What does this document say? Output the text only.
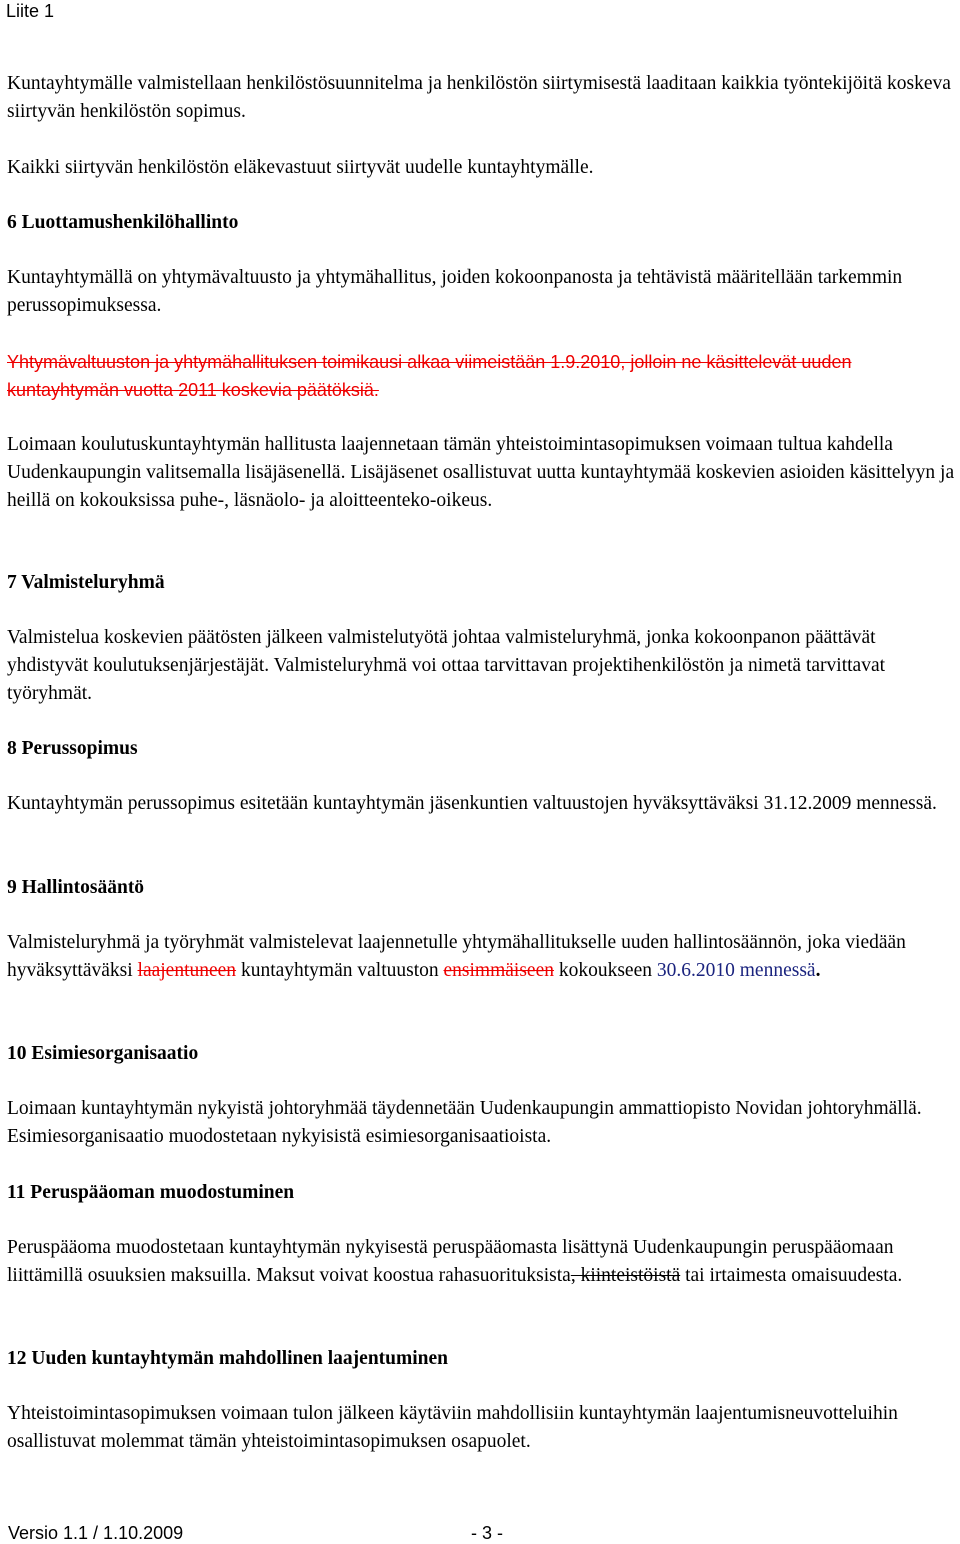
Liite 1
Kuntayhtymälle valmistellaan henkilöstösuunnitelma ja henkilöstön siirtymisestä laaditaan kaikkia työntekijöitä koskeva siirtyvän henkilöstön sopimus.
Kaikki siirtyvän henkilöstön eläkevastuut siirtyvät uudelle kuntayhtymälle.
6 Luottamushenkilöhallinto
Kuntayhtymällä on yhtymävaltuusto ja yhtymähallitus, joiden kokoonpanosta ja tehtävistä määritellään tarkemmin perussopimuksessa.
Yhtymävaltuuston ja yhtymähallituksen toimikausi alkaa viimeistään 1.9.2010, jolloin ne käsittelevät uuden kuntayhtymän vuotta 2011 koskevia päätöksiä.
Loimaan koulutuskuntayhtymän hallitusta laajennetaan tämän yhteistoimintasopimuksen voimaan tultua kahdella Uudenkaupungin valitsemalla lisäjäsenellä. Lisäjäsenet osallistuvat uutta kuntayhtymää koskevien asioiden käsittelyyn ja heillä on kokouksissa puhe-, läsnäolo- ja aloitteenteko-oikeus.
7 Valmisteluryhmä
Valmistelua koskevien päätösten jälkeen valmistelutyötä johtaa valmisteluryhmä, jonka kokoonpanon päättävät yhdistyvät koulutuksenjärjestäjät. Valmisteluryhmä voi ottaa tarvittavan projektihenkilöstön ja nimetä tarvittavat työryhmät.
8 Perussopimus
Kuntayhtymän perussopimus esitetään kuntayhtymän jäsenkuntien valtuustojen hyväksyttäväksi 31.12.2009 mennessä.
9 Hallintosääntö
Valmisteluryhmä ja työryhmät valmistelevat laajennetulle yhtymähallitukselle uuden hallintosäännön, joka viedään hyväksyttäväksi laajentuneen kuntayhtymän valtuuston ensimmäiseen kokoukseen 30.6.2010 mennessä.
10 Esimiesorganisaatio
Loimaan kuntayhtymän nykyistä johtoryhmää täydennetään Uudenkaupungin ammattiopisto Novidan johtoryhmällä. Esimiesorganisaatio muodostetaan nykyisistä esimiesorganisaatioista.
11 Peruspääoman muodostuminen
Peruspääoma muodostetaan kuntayhtymän nykyisestä peruspääomasta lisättynä Uudenkaupungin peruspääomaan liittämillä osuuksien maksuilla. Maksut voivat koostua rahasuorituksista, kiinteistöistä tai irtaimesta omaisuudesta.
12 Uuden kuntayhtymän mahdollinen laajentuminen
Yhteistoimintasopimuksen voimaan tulon jälkeen käytäviin mahdollisiin kuntayhtymän laajentumisneuvotteluihin osallistuvat molemmat tämän yhteistoimintasopimuksen osapuolet.
Versio 1.1 / 1.10.2009	- 3 -
